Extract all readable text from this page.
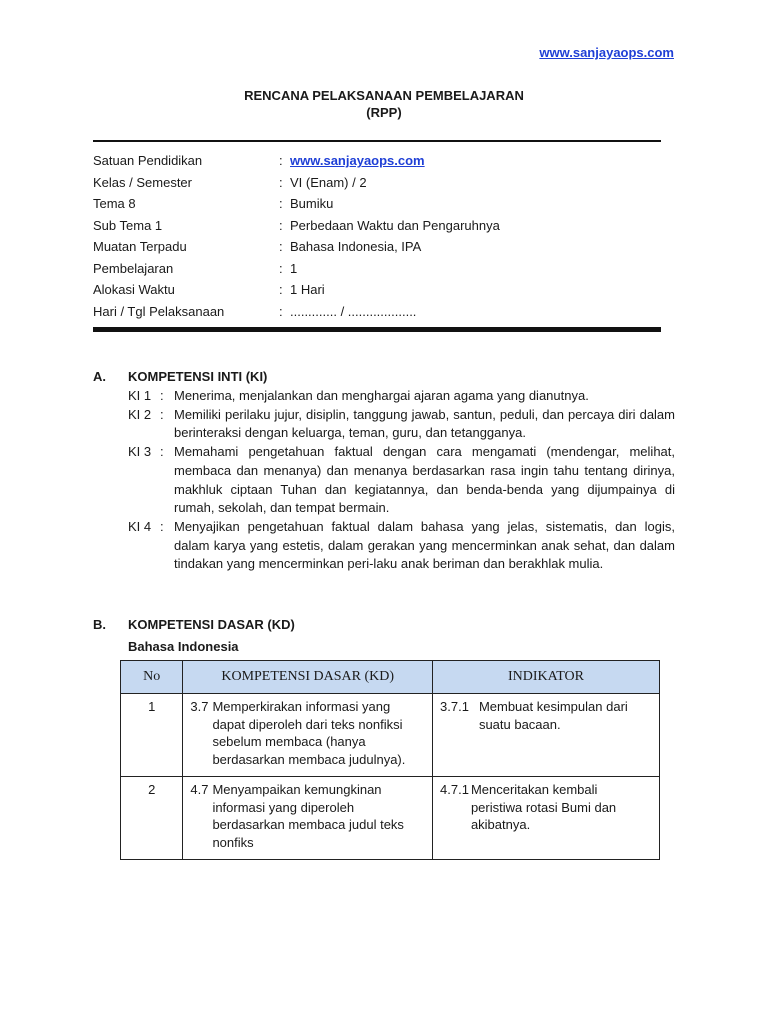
www.sanjayaops.com
RENCANA PELAKSANAAN PEMBELAJARAN
(RPP)
Satuan Pendidikan	: www.sanjayaops.com
Kelas / Semester	: VI (Enam) / 2
Tema 8	: Bumiku
Sub Tema 1	: Perbedaan Waktu dan Pengaruhnya
Muatan Terpadu	: Bahasa Indonesia, IPA
Pembelajaran	: 1
Alokasi Waktu	: 1 Hari
Hari / Tgl Pelaksanaan	: ............. / ...................
A.	KOMPETENSI INTI (KI)
KI 1 : Menerima, menjalankan dan menghargai ajaran agama yang dianutnya.
KI 2 : Memiliki perilaku jujur, disiplin, tanggung jawab, santun, peduli, dan percaya diri dalam berinteraksi dengan keluarga, teman, guru, dan tetangganya.
KI 3 : Memahami pengetahuan faktual dengan cara mengamati (mendengar, melihat, membaca dan menanya) dan menanya berdasarkan rasa ingin tahu tentang dirinya, makhluk ciptaan Tuhan dan kegiatannya, dan benda-benda yang dijumpainya di rumah, sekolah, dan tempat bermain.
KI 4 : Menyajikan pengetahuan faktual dalam bahasa yang jelas, sistematis, dan logis, dalam karya yang estetis, dalam gerakan yang mencerminkan anak sehat, dan dalam tindakan yang mencerminkan peri-laku anak beriman dan berakhlak mulia.
B.	KOMPETENSI DASAR (KD)
Bahasa Indonesia
No	KOMPETENSI DASAR (KD)	INDIKATOR
1	3.7 Memperkirakan informasi yang dapat diperoleh dari teks nonfiksi sebelum membaca (hanya berdasarkan membaca judulnya).	3.7.1 Membuat kesimpulan dari suatu bacaan.

2	4.7 Menyampaikan kemungkinan informasi yang diperoleh berdasarkan membaca judul teks nonfiks	4.7.1 Menceritakan kembali peristiwa rotasi Bumi dan akibatnya.
